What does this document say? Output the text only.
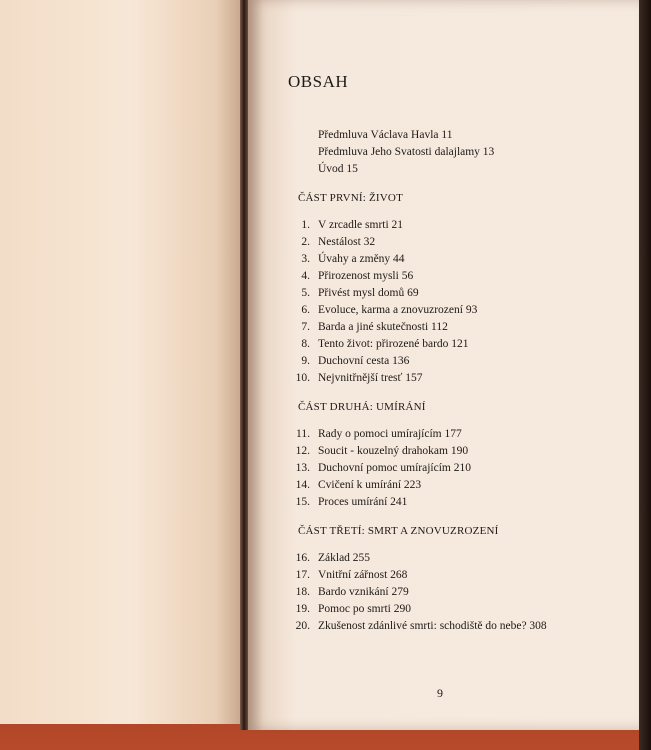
OBSAH
Předmluva Václava Havla 11
Předmluva Jeho Svatosti dalajlamy 13
Úvod 15
ČÁST PRVNÍ: ŽIVOT
1. V zrcadle smrti 21
2. Nestálost 32
3. Úvahy a změny 44
4. Přirozenost mysli 56
5. Přivést mysl domů 69
6. Evoluce, karma a znovuzrození 93
7. Barda a jiné skutečnosti 112
8. Tento život: přirozené bardo 121
9. Duchovní cesta 136
10. Nejvnitřnější tresť 157
ČÁST DRUHÁ: UMÍRÁNÍ
11. Rady o pomoci umírajícím 177
12. Soucit - kouzelný drahokam 190
13. Duchovní pomoc umírajícím 210
14. Cvičení k umírání 223
15. Proces umírání 241
ČÁST TŘETÍ: SMRT A ZNOVUZROZENÍ
16. Základ 255
17. Vnitřní zářnost 268
18. Bardo vznikání 279
19. Pomoc po smrti 290
20. Zkušenost zdánlivé smrti: schodiště do nebe? 308
9
